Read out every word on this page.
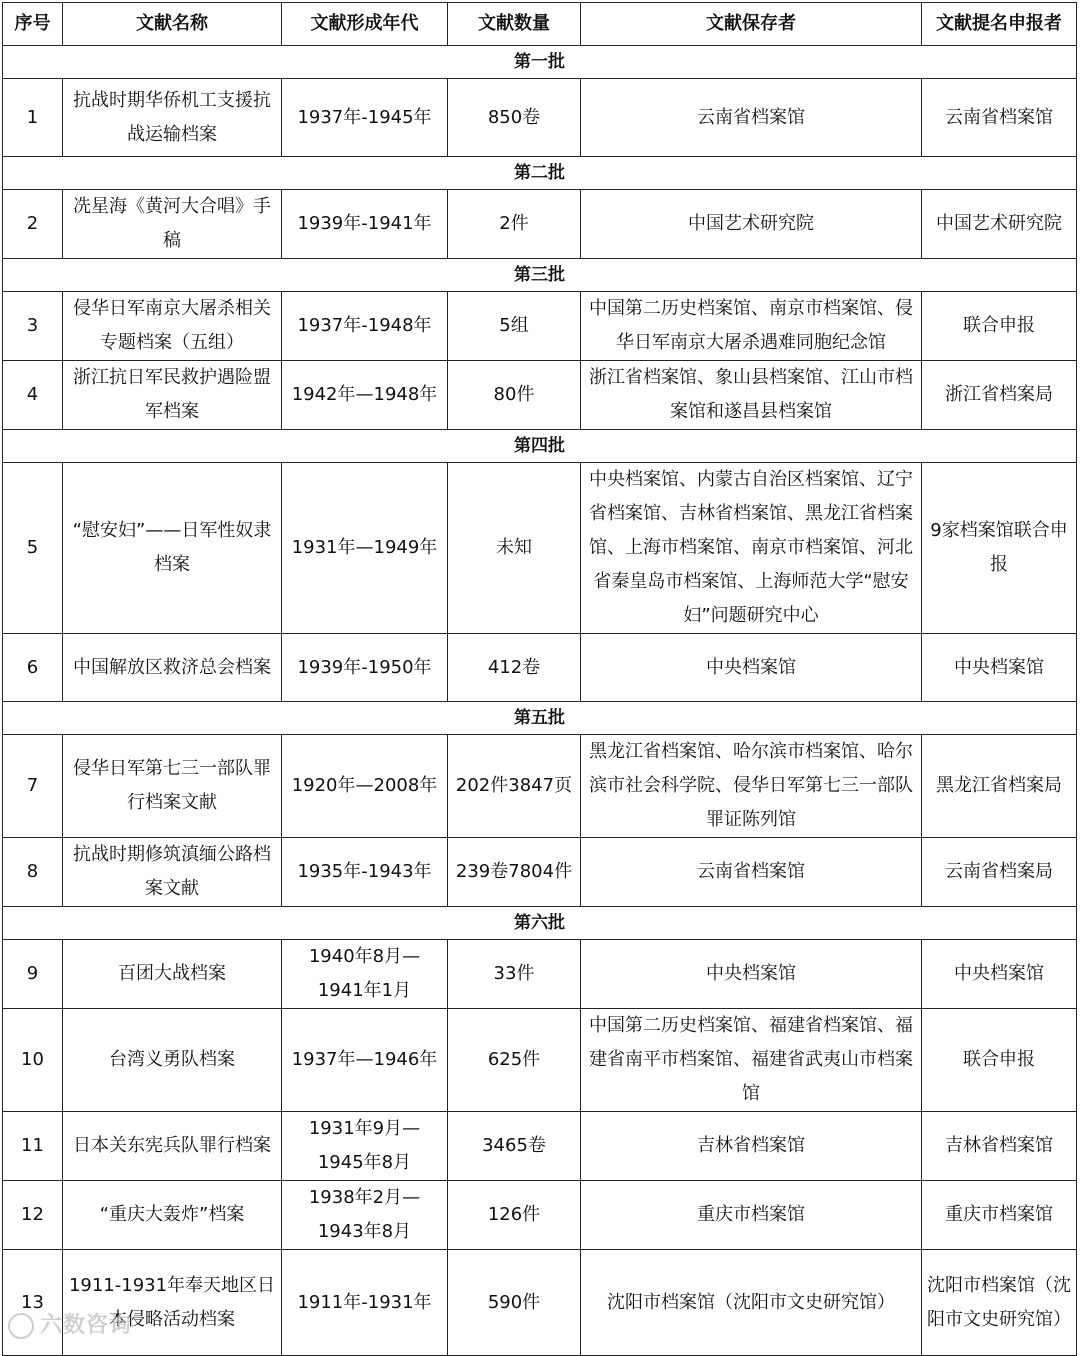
序号	文献名称	文献形成年代	文献数量	文献保存者	文献提名申报者
第一批					
1	抗战时期华侨机工支援抗战运输档案	1937年-1945年	850卷	云南省档案馆	云南省档案馆
第二批					
2	冼星海《黄河大合唱》手稿	1939年-1941年	2件	中国艺术研究院	中国艺术研究院
第三批					
3	侵华日军南京大屠杀相关专题档案（五组）	1937年-1948年	5组	中国第二历史档案馆、南京市档案馆、侵华日军南京大屠杀遇难同胞纪念馆	联合申报
4	浙江抗日军民救护遇险盟军档案	1942年—1948年	80件	浙江省档案馆、象山县档案馆、江山市档案馆和遂昌县档案馆	浙江省档案局
第四批					
5	“慰安妇”——日军性奴隶档案	1931年—1949年	未知	中央档案馆、内蒙古自治区档案馆、辽宁省档案馆、吉林省档案馆、黑龙江省档案馆、上海市档案馆、南京市档案馆、河北省秦皇岛市档案馆、上海师范大学“慰安妇”问题研究中心	9家档案馆联合申报
6	中国解放区救济总会档案	1939年-1950年	412卷	中央档案馆	中央档案馆
第五批					
7	侵华日军第七三一部队罪行档案文献	1920年—2008年	202件3847页	黑龙江省档案馆、哈尔滨市档案馆、哈尔滨市社会科学院、侵华日军第七三一部队罪证陈列馆	黑龙江省档案局
8	抗战时期修筑滇缅公路档案文献	1935年-1943年	239卷7804件	云南省档案馆	云南省档案局
第六批					
9	百团大战档案	1940年8月—1941年1月	33件	中央档案馆	中央档案馆
10	台湾义勇队档案	1937年—1946年	625件	中国第二历史档案馆、福建省档案馆、福建省南平市档案馆、福建省武夷山市档案馆	联合申报
11	日本关东宪兵队罪行档案	1931年9月—1945年8月	3465卷	吉林省档案馆	吉林省档案馆
12	“重庆大轰炸”档案	1938年2月—1943年8月	126件	重庆市档案馆	重庆市档案馆
13	1911-1931年奉天地区日本侵略活动档案	1911年-1931年	590件	沈阳市档案馆（沈阳市文史研究馆）	沈阳市档案馆（沈阳市文史研究馆）
六数咨询
